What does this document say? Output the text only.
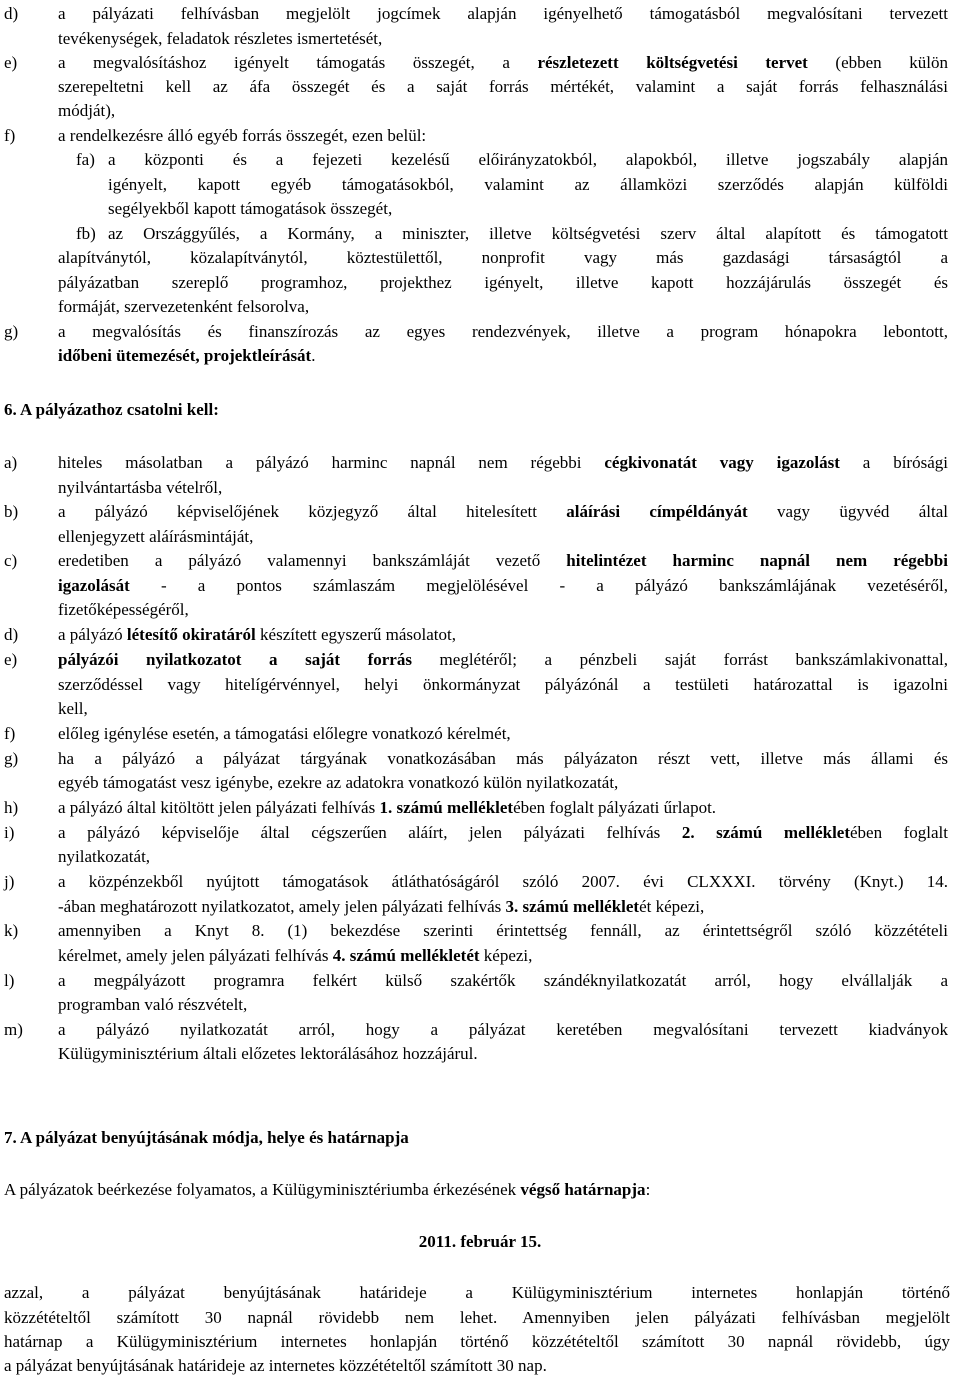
d) a pályázati felhívásban megjelölt jogcímek alapján igényelhető támogatásból megvalósítani tervezett
tevékenységek, feladatok részletes ismertetését,
e) a megvalósításhoz igényelt támogatás összegét, a részletezett költségvetési tervet (ebben külön
szerepeltetni kell az áfa összegét és a saját forrás mértékét, valamint a saját forrás felhasználási
módját),
f)	a rendelkezésre álló egyéb forrás összegét, ezen belül:
fa) a központi és a fejezeti kezelésű előirányzatokból, alapokból, illetve jogszabály alapján
igényelt, kapott egyéb támogatásokból, valamint az államközi szerződés alapján külföldi
segélyekből kapott támogatások összegét,
fb) az Országgyűlés, a Kormány, a miniszter, illetve költségvetési szerv által alapított és támogatott
alapítványtól, közalapítványtól, köztestülettől, nonprofit vagy más gazdasági társaságtól a
pályázatban szereplő programhoz, projekthez igényelt, illetve kapott hozzájárulás összegét és
formáját, szervezetenként felsorolva,
g) a megvalósítás és finanszírozás az egyes rendezvények, illetve a program hónapokra lebontott,
időbeni ütemezését, projektleírását.
6. A pályázathoz csatolni kell:
a) hiteles másolatban a pályázó harminc napnál nem régebbi cégkivonatát vagy igazolást a bírósági
nyilvántartásba vételről,
b) a pályázó képviselőjének közjegyző által hitelesített aláírási címpéldányát vagy ügyvéd által
ellenjegyzett aláírásmintáját,
c) eredetiben a pályázó valamennyi bankszámláját vezető hitelintézet harminc napnál nem régebbi
igazolását - a pontos számlaszám megjelölésével - a pályázó bankszámlájának vezetéséről,
fizetőképességéről,
d) a pályázó létesítő okiratáról készített egyszerű másolatot,
e) pályázói nyilatkozatot a saját forrás meglétéről; a pénzbeli saját forrást bankszámlakivonattal,
szerződéssel vagy hitelígérvénnyel, helyi önkormányzat pályázónál a testületi határozattal is igazolni
kell,
f)	előleg igénylése esetén, a támogatási előlegre vonatkozó kérelmét,
g) ha a pályázó a pályázat tárgyának vonatkozásában más pályázaton részt vett, illetve más állami és
egyéb támogatást vesz igénybe, ezekre az adatokra vonatkozó külön nyilatkozatát,
h) a pályázó által kitöltött jelen pályázati felhívás 1. számú mellékletében foglalt pályázati űrlapot.
i)	a pályázó képviselője által cégszerűen aláírt, jelen pályázati felhívás 2. számú mellékletében foglalt
nyilatkozatát,
j)	a közpénzekből nyújtott támogatások átláthatóságáról szóló 2007. évi CLXXXI. törvény (Knyt.) 14.
-ában meghatározott nyilatkozatot, amely jelen pályázati felhívás 3. számú mellékletét képezi,
k) amennyiben a Knyt 8. (1) bekezdése szerinti érintettség fennáll, az érintettségről szóló közzétételi
kérelmet, amely jelen pályázati felhívás 4. számú mellékletét képezi,
l)	a megpályázott programra felkért külső szakértők szándéknyilatkozatát arról, hogy elvállalják a
programban való részvételt,
m) a pályázó nyilatkozatát arról, hogy a pályázat keretében megvalósítani tervezett kiadványok
Külügyminisztérium általi előzetes lektorálásához hozzájárul.
7. A pályázat benyújtásának módja, helye és határnapja
A pályázatok beérkezése folyamatos, a Külügyminisztériumba érkezésének végső határnapja:
2011. február 15.
azzal, a pályázat benyújtásának határideje a Külügyminisztérium internetes honlapján történő
közzétételtől számított 30 napnál rövidebb nem lehet. Amennyiben jelen pályázati felhívásban megjelölt
határnap a Külügyminisztérium internetes honlapján történő közzétételtől számított 30 napnál rövidebb, úgy
a pályázat benyújtásának határideje az internetes közzétételtől számított 30 nap.
